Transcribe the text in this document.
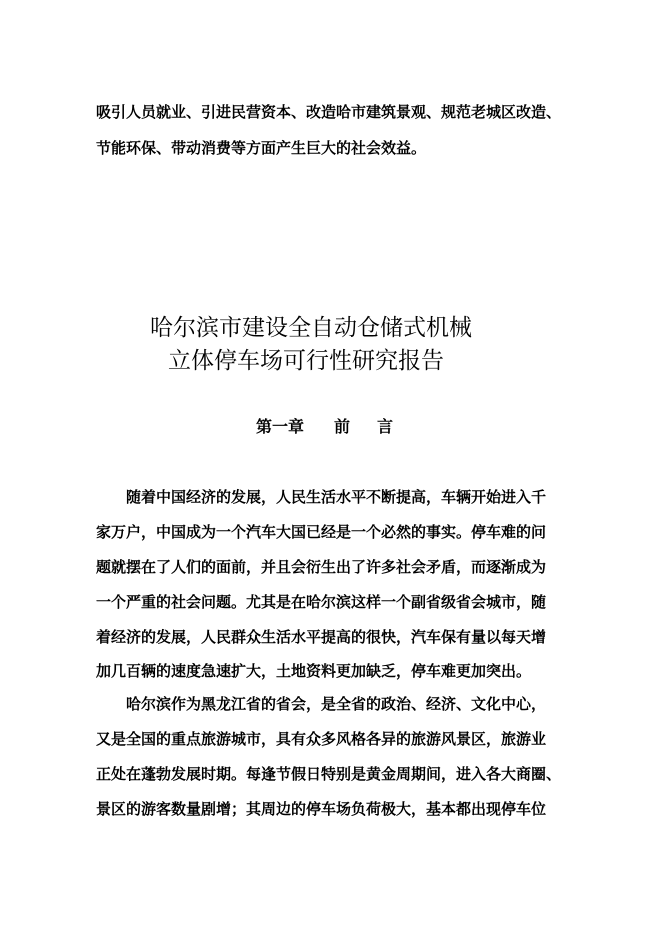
吸引人员就业、引进民营资本、改造哈市建筑景观、规范老城区改造、
节能环保、带动消费等方面产生巨大的社会效益。
哈尔滨市建设全自动仓储式机械
立体停车场可行性研究报告
第一章 前 言
随着中国经济的发展，人民生活水平不断提高，车辆开始进入千
家万户，中国成为一个汽车大国已经是一个必然的事实。停车难的问
题就摆在了人们的面前，并且会衍生出了许多社会矛盾，而逐渐成为
一个严重的社会问题。尤其是在哈尔滨这样一个副省级省会城市，随
着经济的发展，人民群众生活水平提高的很快，汽车保有量以每天增
加几百辆的速度急速扩大，土地资料更加缺乏，停车难更加突出。
哈尔滨作为黑龙江省的省会，是全省的政治、经济、文化中心，
又是全国的重点旅游城市，具有众多风格各异的旅游风景区，旅游业
正处在蓬勃发展时期。每逢节假日特别是黄金周期间，进入各大商圈、
景区的游客数量剧增；其周边的停车场负荷极大，基本都出现停车位
